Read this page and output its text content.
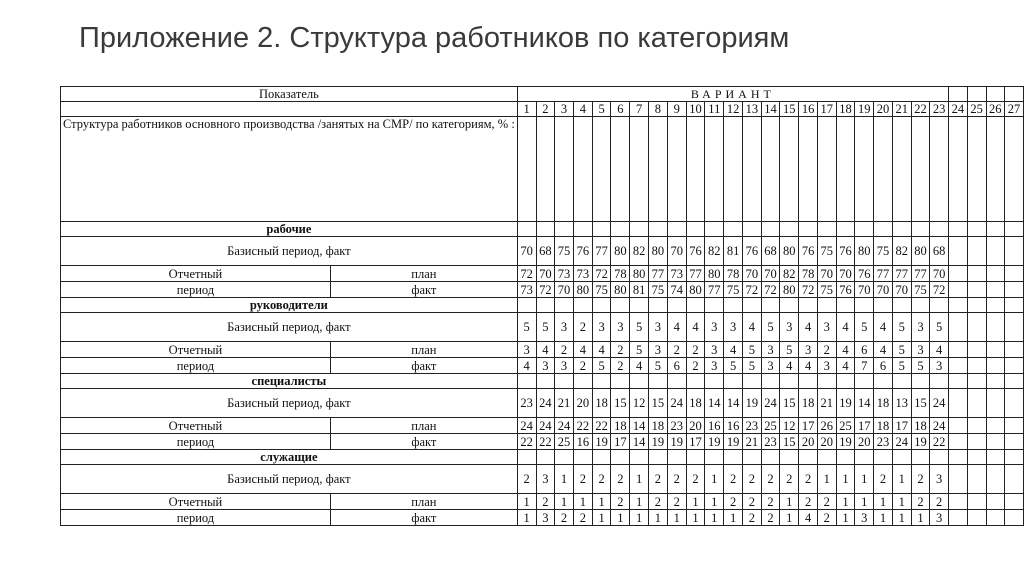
Приложение 2. Структура работников по категориям
Показатель		ВАРИАНТ																										
		1	2	3	4	5	6	7	8	9	10	11	12	13	14	15	16	17	18	19	20	21	22	23	24	25	26	27
Структура работников основного производства /занятых на СМР/ по категориям, % :																												
рабочие																												
Базисный период, факт		70	68	75	76	77	80	82	80	70	76	82	81	76	68	80	76	75	76	80	75	82	80	68				
Отчетный	план	72	70	73	73	72	78	80	77	73	77	80	78	70	70	82	78	70	70	76	77	77	77	70				
период	факт	73	72	70	80	75	80	81	75	74	80	77	75	72	72	80	72	75	76	70	70	70	75	72				
руководители																												
Базисный период, факт		5	5	3	2	3	3	5	3	4	4	3	3	4	5	3	4	3	4	5	4	5	3	5				
Отчетный	план	3	4	2	4	4	2	5	3	2	2	3	4	5	3	5	3	2	4	6	4	5	3	4				
период	факт	4	3	3	2	5	2	4	5	6	2	3	5	5	3	4	4	3	4	7	6	5	5	3				
специалисты																												
Базисный период, факт		23	24	21	20	18	15	12	15	24	18	14	14	19	24	15	18	21	19	14	18	13	15	24				
Отчетный	план	24	24	24	22	22	18	14	18	23	20	16	16	23	25	12	17	26	25	17	18	17	18	24				
период	факт	22	22	25	16	19	17	14	19	19	17	19	19	21	23	15	20	20	19	20	23	24	19	22				
служащие																												
Базисный период, факт		2	3	1	2	2	2	1	2	2	2	1	2	2	2	2	2	1	1	1	2	1	2	3				
Отчетный	план	1	2	1	1	1	2	1	2	2	1	1	2	2	2	1	2	2	1	1	1	1	2	2				
период	факт	1	3	2	2	1	1	1	1	1	1	1	1	2	2	1	4	2	1	3	1	1	1	3				
